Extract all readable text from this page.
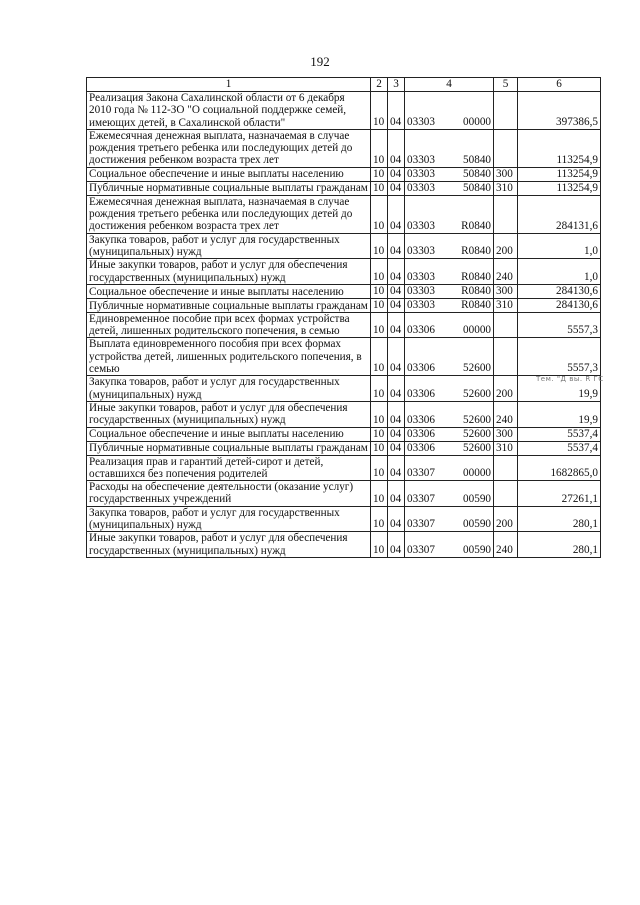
192
1	2	3	4		5	6
Реализация Закона Сахалинской области от 6 декабря 2010 года № 112-ЗО "О социальной поддержке семей, имеющих детей, в Сахалинской области"	10	04	03303	00000		397386,5
Ежемесячная денежная выплата, назначаемая в случае рождения третьего ребенка или последующих детей до достижения ребенком возраста трех лет	10	04	03303	50840		113254,9
Социальное обеспечение и иные выплаты населению	10	04	03303	50840	300	113254,9
Публичные нормативные социальные выплаты гражданам	10	04	03303	50840	310	113254,9
Ежемесячная денежная выплата, назначаемая в случае рождения третьего ребенка или последующих детей до достижения ребенком возраста трех лет	10	04	03303	R0840		284131,6
Закупка товаров, работ и услуг для государственных (муниципальных) нужд	10	04	03303	R0840	200	1,0
Иные закупки товаров, работ и услуг для обеспечения государственных (муниципальных) нужд	10	04	03303	R0840	240	1,0
Социальное обеспечение и иные выплаты населению	10	04	03303	R0840	300	284130,6
Публичные нормативные социальные выплаты гражданам	10	04	03303	R0840	310	284130,6
Единовременное пособие при всех формах устройства детей, лишенных родительского попечения, в семью	10	04	03306	00000		5557,3
Выплата единовременного пособия при всех формах устройства детей, лишенных родительского попечения, в семью	10	04	03306	52600		5557,3
Закупка товаров, работ и услуг для государственных (муниципальных) нужд	10	04	03306	52600	200	19,9
Иные закупки товаров, работ и услуг для обеспечения государственных (муниципальных) нужд	10	04	03306	52600	240	19,9
Социальное обеспечение и иные выплаты населению	10	04	03306	52600	300	5537,4
Публичные нормативные социальные выплаты гражданам	10	04	03306	52600	310	5537,4
Реализация прав и гарантий детей-сирот и детей, оставшихся без попечения родителей	10	04	03307	00000		1682865,0
Расходы на обеспечение деятельности (оказание услуг) государственных учреждений	10	04	03307	00590		27261,1
Закупка товаров, работ и услуг для государственных (муниципальных) нужд	10	04	03307	00590	200	280,1
Иные закупки товаров, работ и услуг для обеспечения государственных (муниципальных) нужд	10	04	03307	00590	240	280,1
Тем. "Д вы. R ГС
